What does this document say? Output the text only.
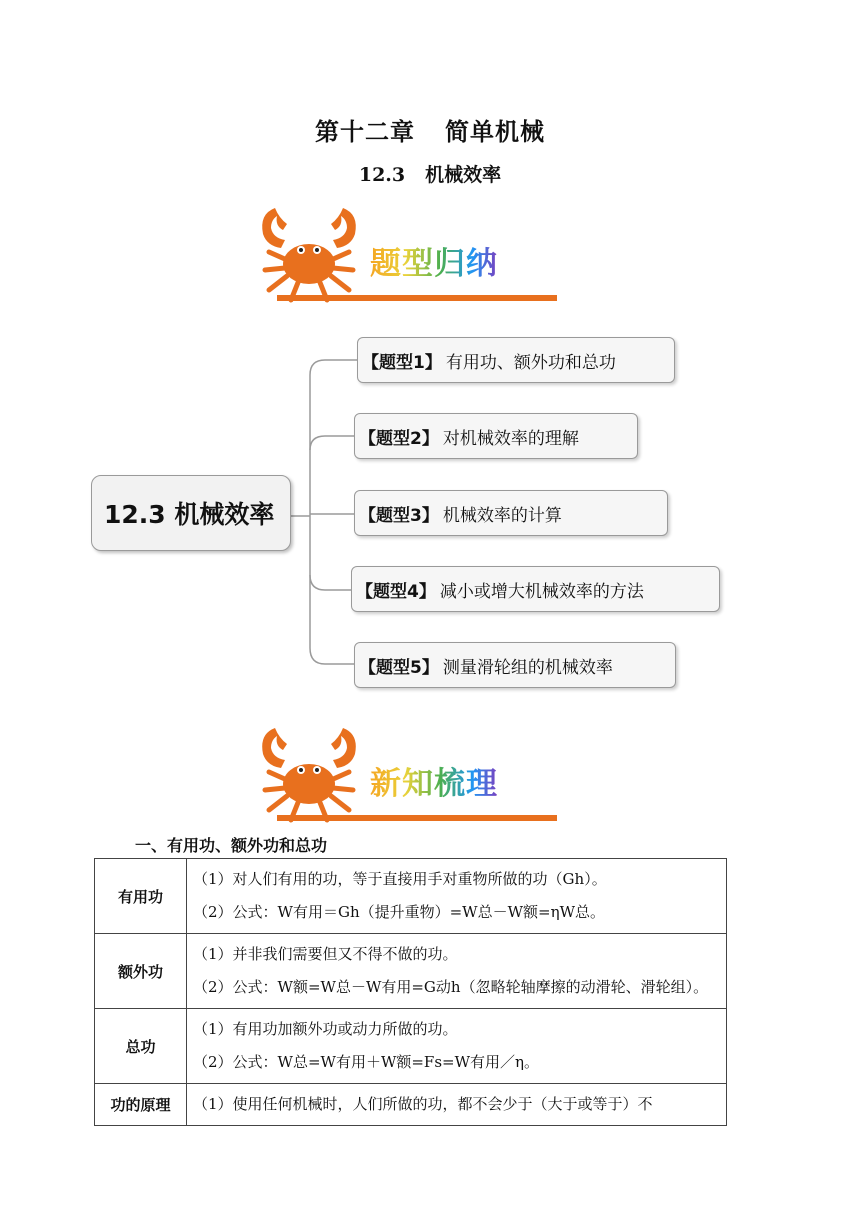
第十二章 简单机械
12.3 机械效率
题型归纳
12.3 机械效率
【题型1】 有用功、额外功和总功
【题型2】 对机械效率的理解
【题型3】 机械效率的计算
【题型4】 减小或增大机械效率的方法
【题型5】 测量滑轮组的机械效率
新知梳理
一、有用功、额外功和总功
有用功	（1）对人们有用的功，等于直接用手对重物所做的功（Gh）。
（2）公式：W有用＝Gh（提升重物）=W总－W额=ηW总。

额外功	（1）并非我们需要但又不得不做的功。
（2）公式：W额=W总－W有用=G动h（忽略轮轴摩擦的动滑轮、滑轮组）。

总功	（1）有用功加额外功或动力所做的功。
（2）公式：W总=W有用＋W额=Fs=W有用／η。

功的原理	（1）使用任何机械时，人们所做的功，都不会少于（大于或等于）不
